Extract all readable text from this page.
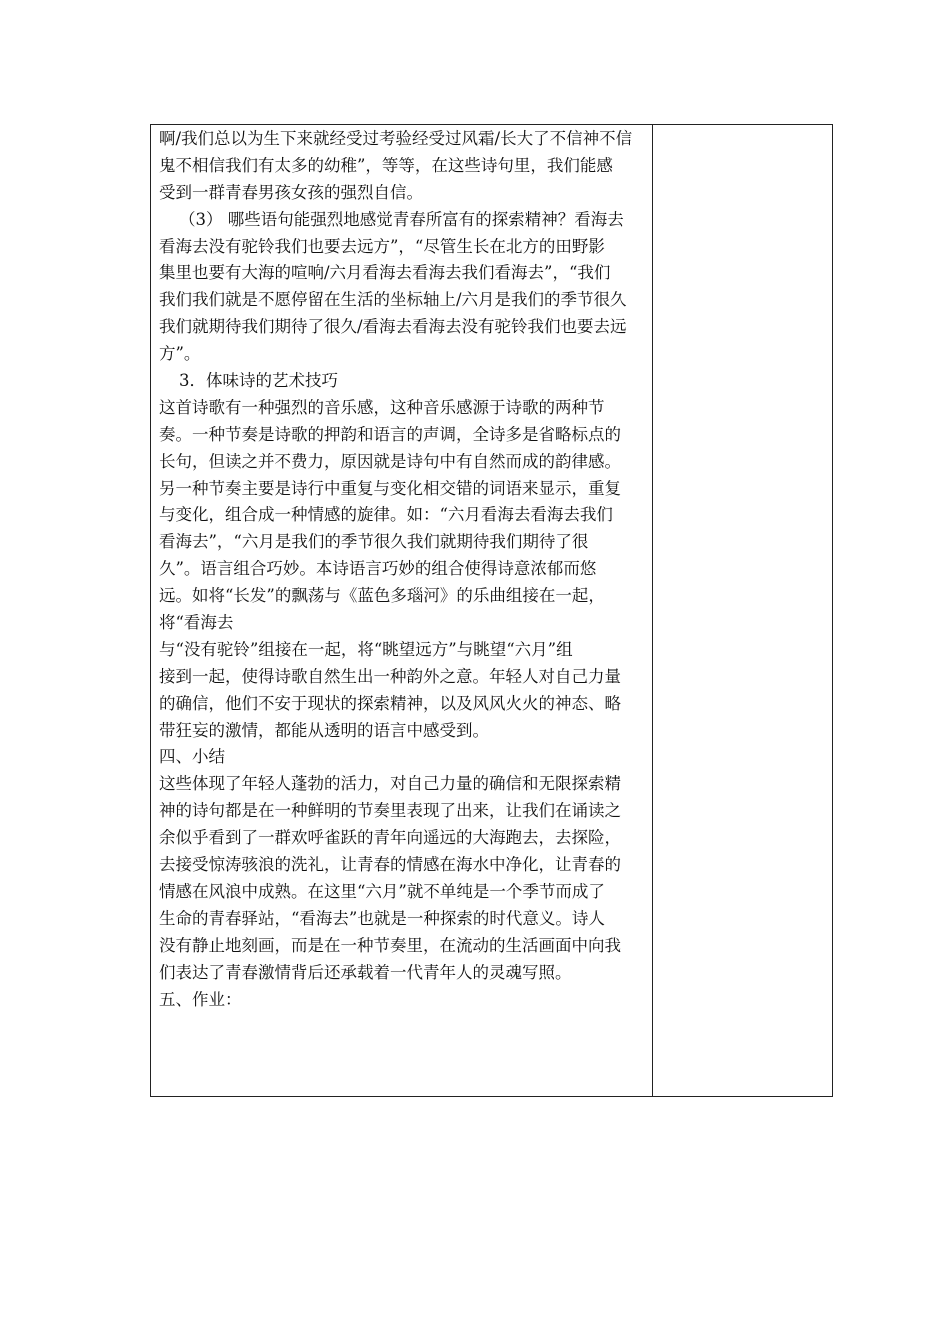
啊/我们总以为生下来就经受过考验经受过风霜/长大了不信神不信
鬼不相信我们有太多的幼稚”，等等，在这些诗句里，我们能感
受到一群青春男孩女孩的强烈自信。
（3） 哪些语句能强烈地感觉青春所富有的探索精神？看海去
看海去没有驼铃我们也要去远方”，“尽管生长在北方的田野影
集里也要有大海的喧响/六月看海去看海去我们看海去”，“我们
我们我们就是不愿停留在生活的坐标轴上/六月是我们的季节很久
我们就期待我们期待了很久/看海去看海去没有驼铃我们也要去远
方”。
3．体味诗的艺术技巧
这首诗歌有一种强烈的音乐感，这种音乐感源于诗歌的两种节
奏。一种节奏是诗歌的押韵和语言的声调，全诗多是省略标点的
长句，但读之并不费力，原因就是诗句中有自然而成的韵律感。
另一种节奏主要是诗行中重复与变化相交错的词语来显示，重复
与变化，组合成一种情感的旋律。如：“六月看海去看海去我们
看海去”，“六月是我们的季节很久我们就期待我们期待了很
久”。语言组合巧妙。本诗语言巧妙的组合使得诗意浓郁而悠
远。如将“长发”的飘荡与《蓝色多瑙河》的乐曲组接在一起，
将“看海去
与“没有驼铃”组接在一起，将“眺望远方”与眺望“六月”组
接到一起，使得诗歌自然生出一种韵外之意。年轻人对自己力量
的确信，他们不安于现状的探索精神，以及风风火火的神态、略
带狂妄的激情，都能从透明的语言中感受到。
四、小结
这些体现了年轻人蓬勃的活力，对自己力量的确信和无限探索精
神的诗句都是在一种鲜明的节奏里表现了出来，让我们在诵读之
余似乎看到了一群欢呼雀跃的青年向遥远的大海跑去，去探险，
去接受惊涛骇浪的洗礼，让青春的情感在海水中净化，让青春的
情感在风浪中成熟。在这里“六月”就不单纯是一个季节而成了
生命的青春驿站，“看海去”也就是一种探索的时代意义。诗人
没有静止地刻画，而是在一种节奏里，在流动的生活画面中向我
们表达了青春激情背后还承载着一代青年人的灵魂写照。
五、作业：
